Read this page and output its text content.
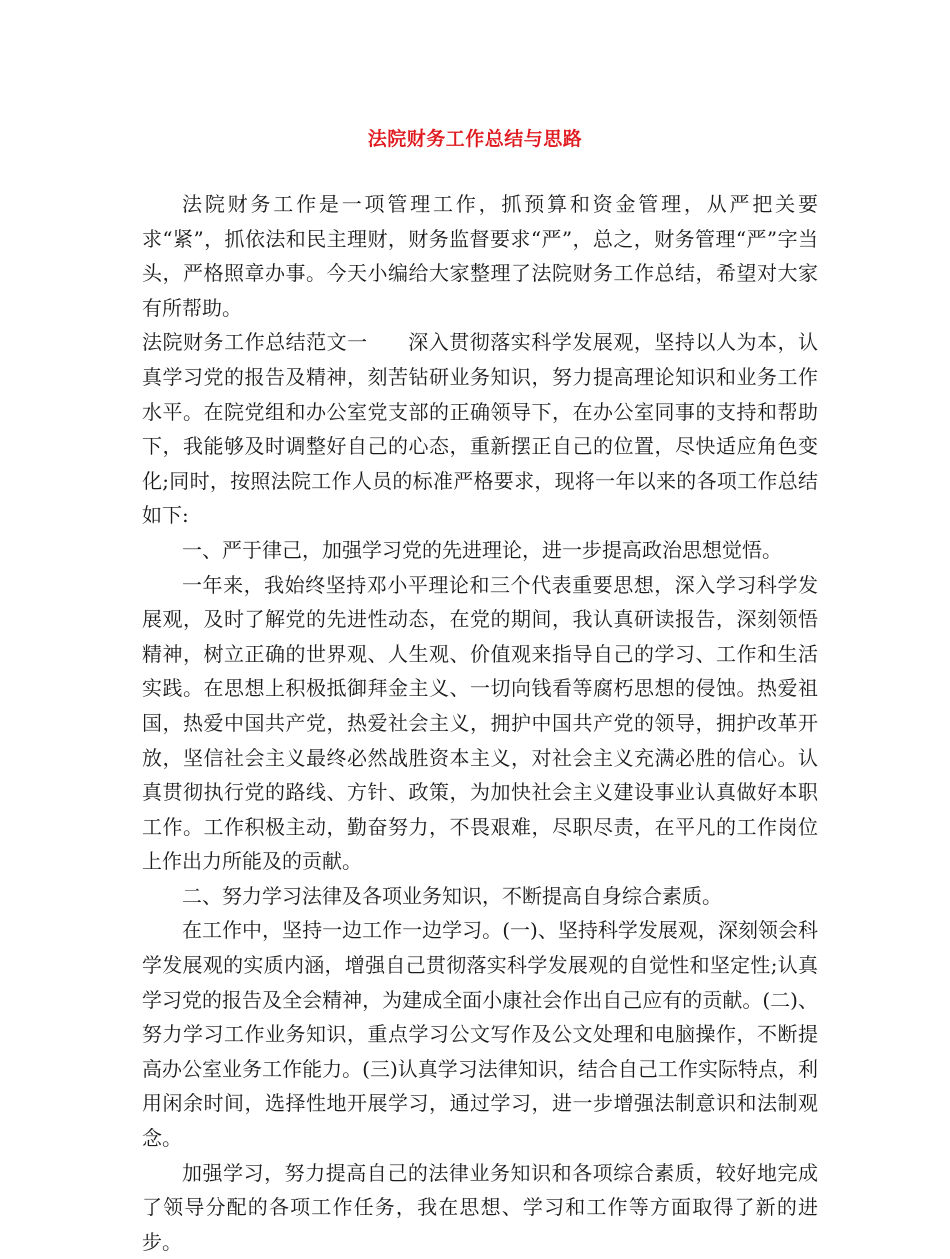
法院财务工作总结与思路

法院财务工作是一项管理工作，抓预算和资金管理，从严把关要求“紧”，抓依法和民主理财，财务监督要求“严”，总之，财务管理“严”字当头，严格照章办事。今天小编给大家整理了法院财务工作总结，希望对大家有所帮助。

法院财务工作总结范文一 深入贯彻落实科学发展观，坚持以人为本，认真学习党的报告及精神，刻苦钻研业务知识，努力提高理论知识和业务工作水平。在院党组和办公室党支部的正确领导下，在办公室同事的支持和帮助下，我能够及时调整好自己的心态，重新摆正自己的位置，尽快适应角色变化;同时，按照法院工作人员的标准严格要求，现将一年以来的各项工作总结如下:

一、严于律己，加强学习党的先进理论，进一步提高政治思想觉悟。

一年来，我始终坚持邓小平理论和三个代表重要思想，深入学习科学发展观，及时了解党的先进性动态，在党的期间，我认真研读报告，深刻领悟精神，树立正确的世界观、人生观、价值观来指导自己的学习、工作和生活实践。在思想上积极抵御拜金主义、一切向钱看等腐朽思想的侵蚀。热爱祖国，热爱中国共产党，热爱社会主义，拥护中国共产党的领导，拥护改革开放，坚信社会主义最终必然战胜资本主义，对社会主义充满必胜的信心。认真贯彻执行党的路线、方针、政策，为加快社会主义建设事业认真做好本职工作。工作积极主动，勤奋努力，不畏艰难，尽职尽责，在平凡的工作岗位上作出力所能及的贡献。

二、努力学习法律及各项业务知识，不断提高自身综合素质。

在工作中，坚持一边工作一边学习。(一)、坚持科学发展观，深刻领会科学发展观的实质内涵，增强自己贯彻落实科学发展观的自觉性和坚定性;认真学习党的报告及全会精神，为建成全面小康社会作出自己应有的贡献。(二)、努力学习工作业务知识，重点学习公文写作及公文处理和电脑操作，不断提高办公室业务工作能力。(三)认真学习法律知识，结合自己工作实际特点，利用闲余时间，选择性地开展学习，通过学习，进一步增强法制意识和法制观念。

加强学习，努力提高自己的法律业务知识和各项综合素质，较好地完成了领导分配的各项工作任务，我在思想、学习和工作等方面取得了新的进步。
